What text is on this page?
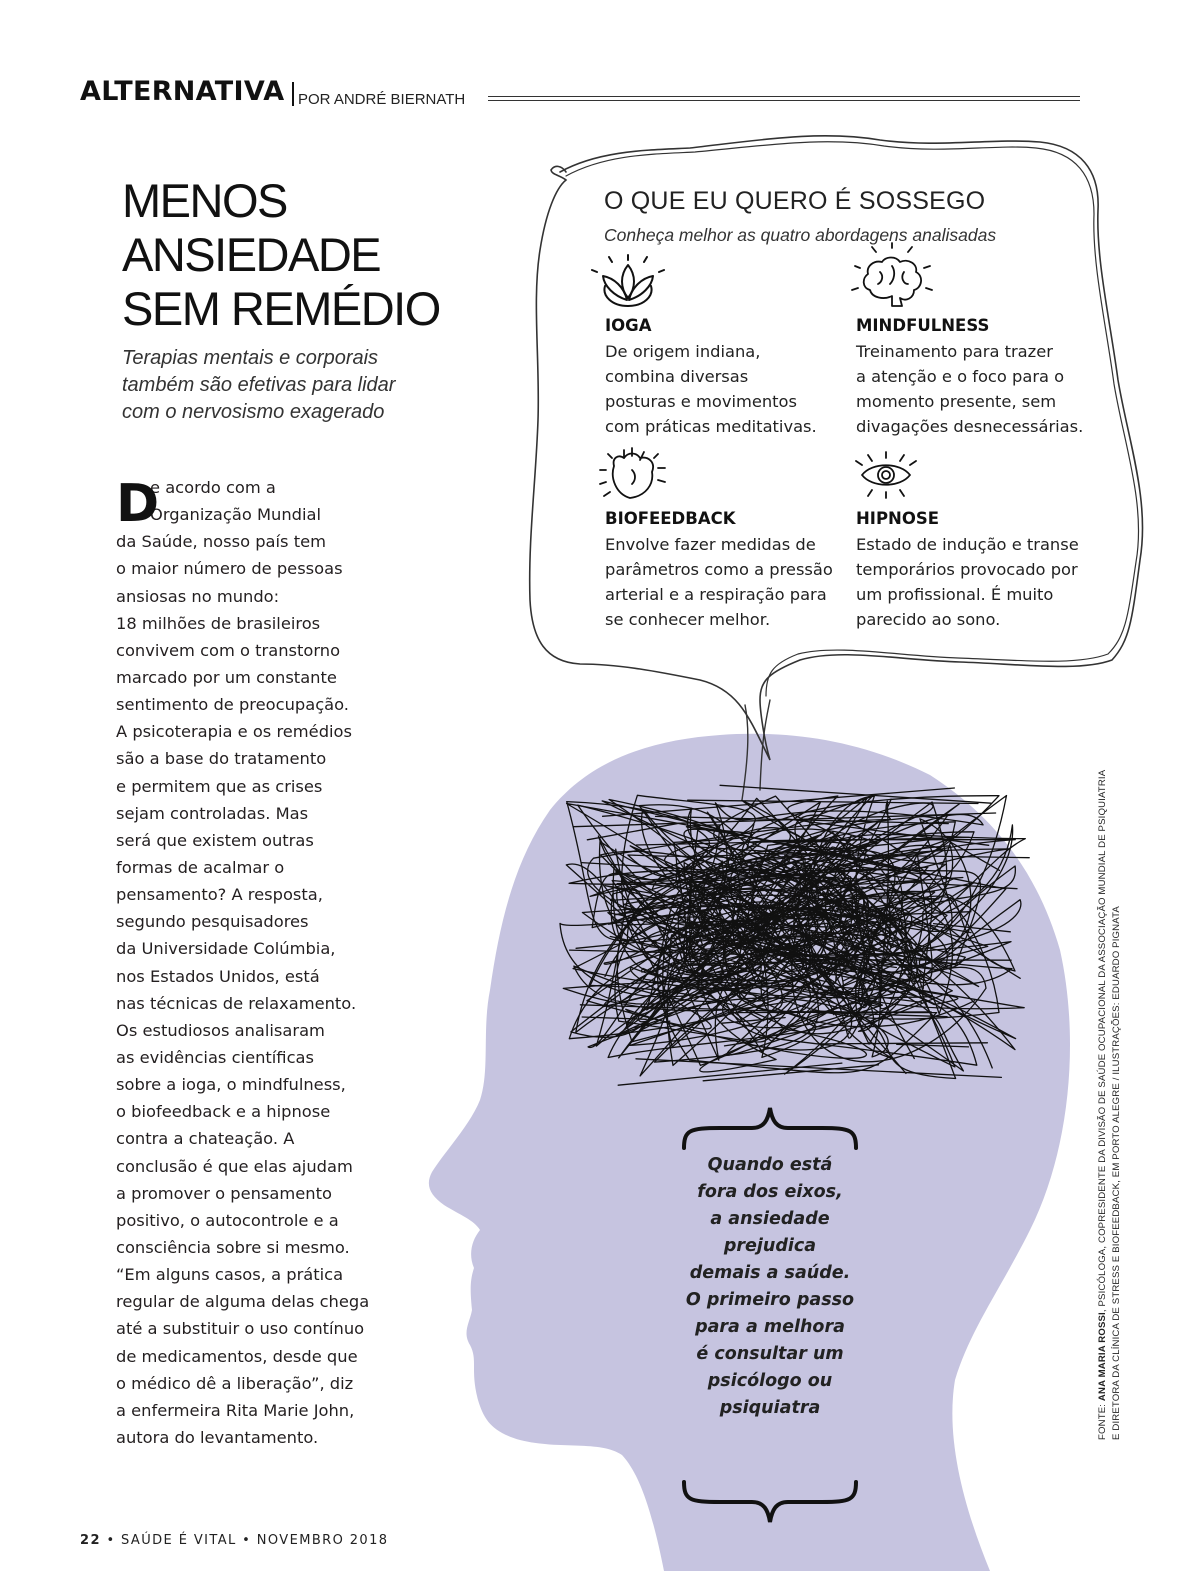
ALTERNATIVA POR ANDRÉ BIERNATH
MENOS
ANSIEDADE
SEM REMÉDIO
Terapias mentais e corporais
também são efetivas para lidar
com o nervosismo exagerado
D
e acordo com a
Organização Mundial
da Saúde, nosso país tem
o maior número de pessoas
ansiosas no mundo:
18 milhões de brasileiros
convivem com o transtorno
marcado por um constante
sentimento de preocupação.
A psicoterapia e os remédios
são a base do tratamento
e permitem que as crises
sejam controladas. Mas
será que existem outras
formas de acalmar o
pensamento? A resposta,
segundo pesquisadores
da Universidade Colúmbia,
nos Estados Unidos, está
nas técnicas de relaxamento.
Os estudiosos analisaram
as evidências científicas
sobre a ioga, o mindfulness,
o biofeedback e a hipnose
contra a chateação. A
conclusão é que elas ajudam
a promover o pensamento
positivo, o autocontrole e a
consciência sobre si mesmo.
“Em alguns casos, a prática
regular de alguma delas chega
até a substituir o uso contínuo
de medicamentos, desde que
o médico dê a liberação”, diz
a enfermeira Rita Marie John,
autora do levantamento.
O QUE EU QUERO É SOSSEGO
Conheça melhor as quatro abordagens analisadas
IOGA
De origem indiana,
combina diversas
posturas e movimentos
com práticas meditativas.
MINDFULNESS
Treinamento para trazer
a atenção e o foco para o
momento presente, sem
divagações desnecessárias.
BIOFEEDBACK
Envolve fazer medidas de
parâmetros como a pressão
arterial e a respiração para
se conhecer melhor.
HIPNOSE
Estado de indução e transe
temporários provocado por
um profissional. É muito
parecido ao sono.
Quando está
fora dos eixos,
a ansiedade
prejudica
demais a saúde.
O primeiro passo
para a melhora
é consultar um
psicólogo ou
psiquiatra	FONTE: ANA MARIA ROSSI, PSICÓLOGA, COPRESIDENTE DA DIVISÃO DE SAÚDE OCUPACIONAL DA ASSOCIAÇÃO MUNDIAL DE PSIQUIATRIA E DIRETORA DA CLÍNICA DE STRESS E BIOFEEDBACK, EM PORTO ALEGRE / ILUSTRAÇÕES: EDUARDO PIGNATA
22 • SAÚDE É VITAL • NOVEMBRO 2018
